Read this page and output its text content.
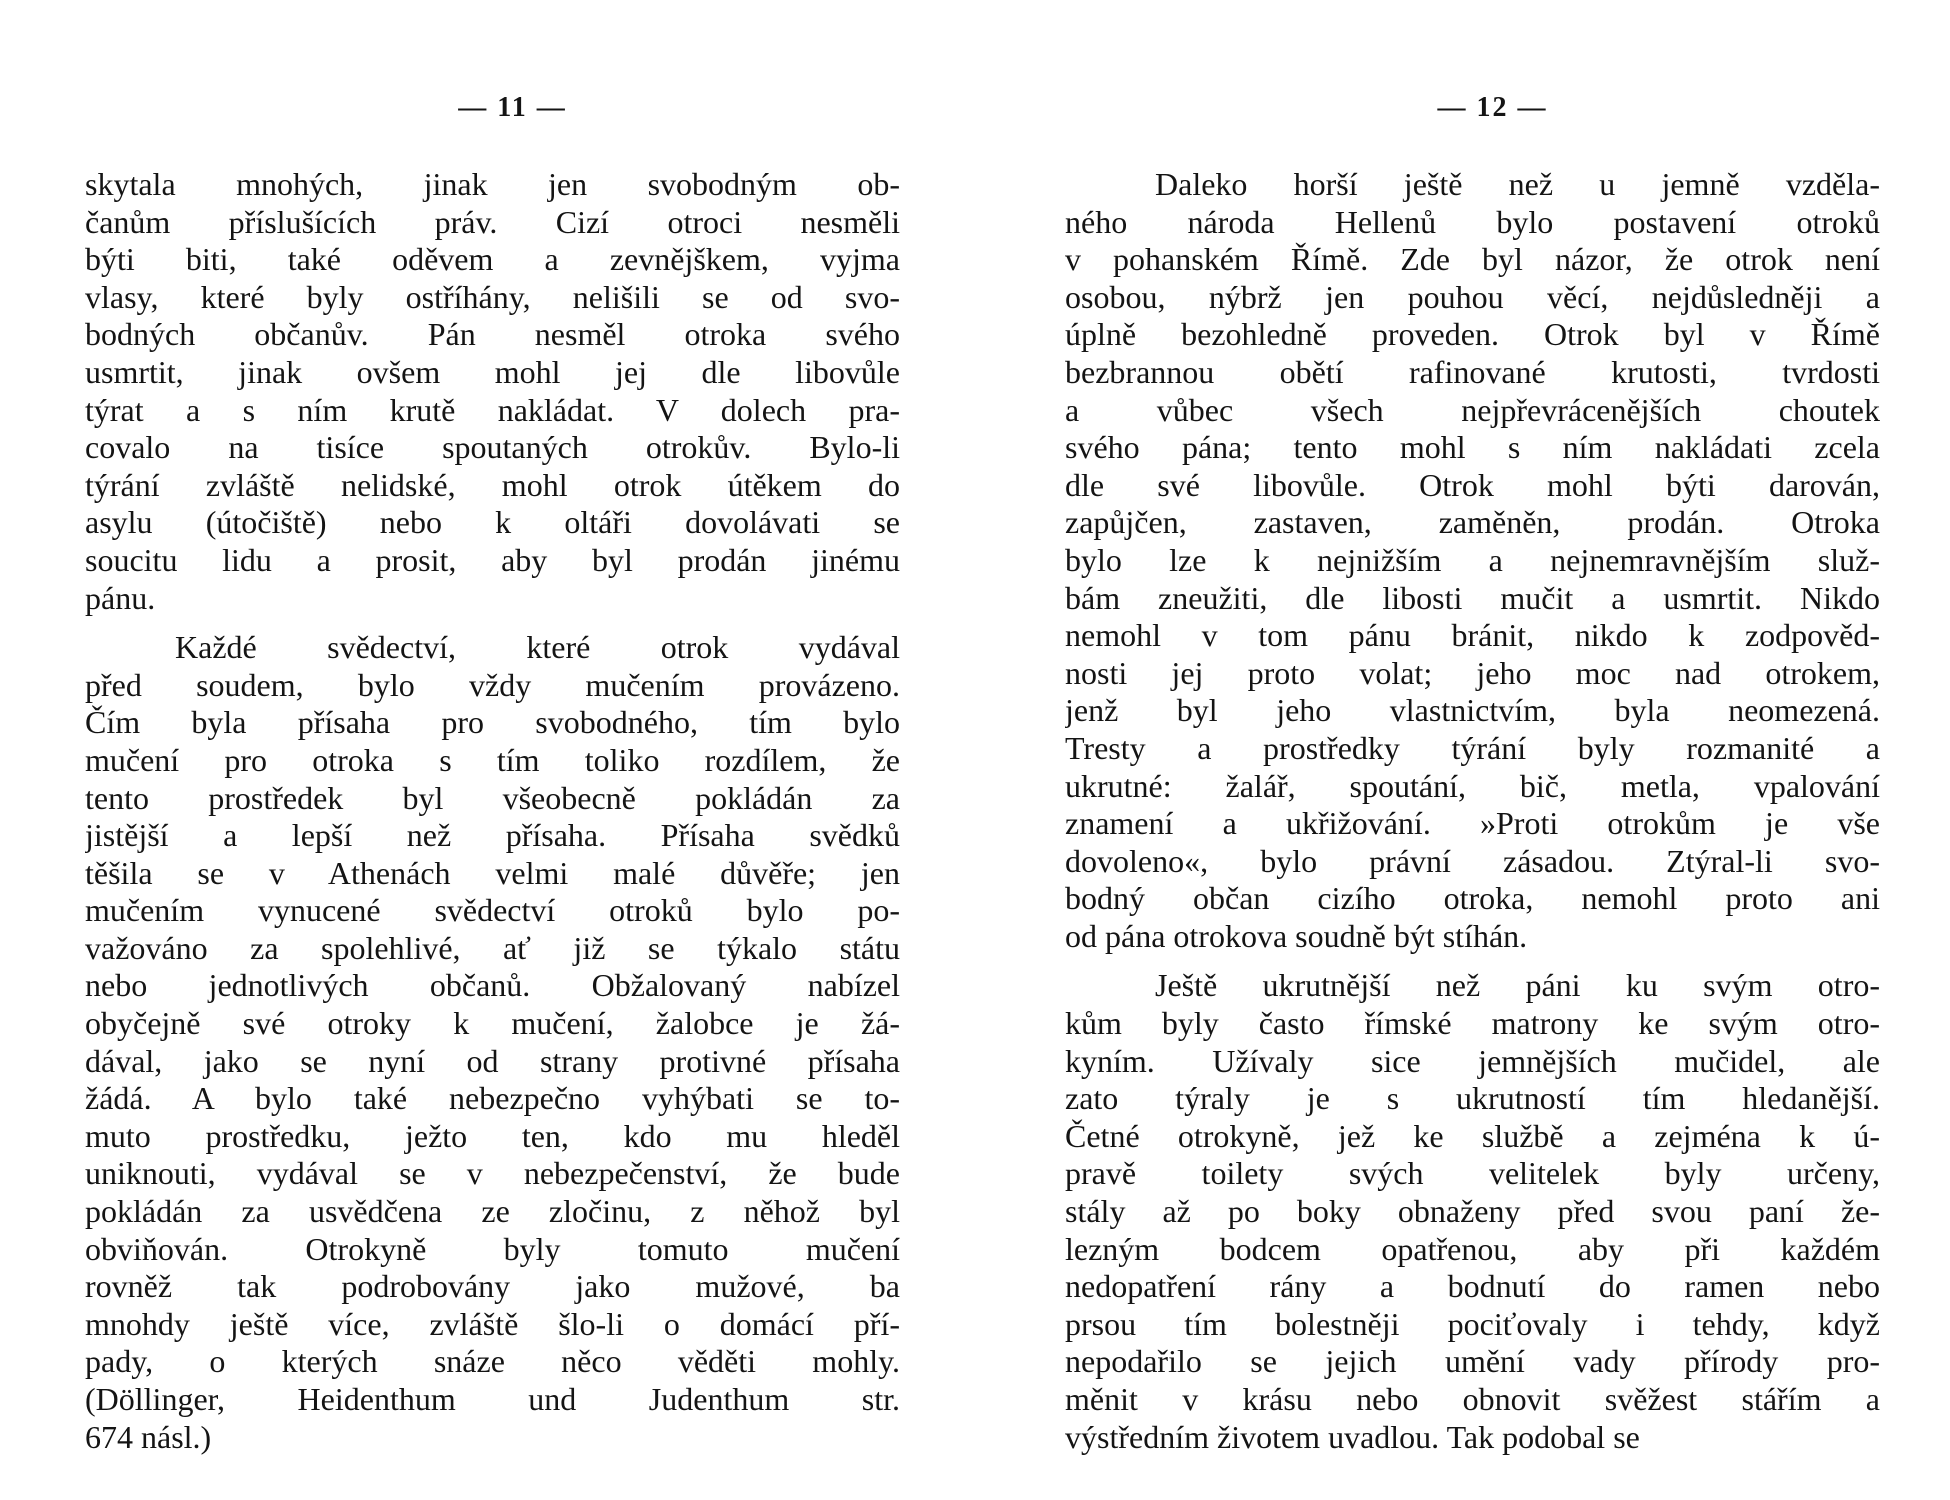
— 11 —
skytala mnohých, jinak jen svobodným ob-
čanům příslušících práv. Cizí otroci nesměli
býti biti, také oděvem a zevnějškem, vyjma
vlasy, které byly ostříhány, nelišili se od svo-
bodných občanův. Pán nesměl otroka svého
usmrtit, jinak ovšem mohl jej dle libovůle
týrat a s ním krutě nakládat. V dolech pra-
covalo na tisíce spoutaných otrokův. Bylo-li
týrání zvláště nelidské, mohl otrok útěkem do
asylu (útočiště) nebo k oltáři dovolávati se
soucitu lidu a prosit, aby byl prodán jinému
pánu.
Každé svědectví, které otrok vydával
před soudem, bylo vždy mučením provázeno.
Čím byla přísaha pro svobodného, tím bylo
mučení pro otroka s tím toliko rozdílem, že
tento prostředek byl všeobecně pokládán za
jistější a lepší než přísaha. Přísaha svědků
těšila se v Athenách velmi malé důvěře; jen
mučením vynucené svědectví otroků bylo po-
važováno za spolehlivé, ať již se týkalo státu
nebo jednotlivých občanů. Obžalovaný nabízel
obyčejně své otroky k mučení, žalobce je žá-
dával, jako se nyní od strany protivné přísaha
žádá. A bylo také nebezpečno vyhýbati se to-
muto prostředku, ježto ten, kdo mu hleděl
uniknouti, vydával se v nebezpečenství, že bude
pokládán za usvědčena ze zločinu, z něhož byl
obviňován. Otrokyně byly tomuto mučení
rovněž tak podrobovány jako mužové, ba
mnohdy ještě více, zvláště šlo-li o domácí pří-
pady, o kterých snáze něco věděti mohly.
(Döllinger, Heidenthum und Judenthum str.
674 násl.)
— 12 —
Daleko horší ještě než u jemně vzděla-
ného národa Hellenů bylo postavení otroků
v pohanském Římě. Zde byl názor, že otrok není
osobou, nýbrž jen pouhou věcí, nejdůsledněji a
úplně bezohledně proveden. Otrok byl v Římě
bezbrannou obětí rafinované krutosti, tvrdosti
a vůbec všech nejpřevrácenějších choutek
svého pána; tento mohl s ním nakládati zcela
dle své libovůle. Otrok mohl býti darován,
zapůjčen, zastaven, zaměněn, prodán. Otroka
bylo lze k nejnižším a nejnemravnějším služ-
bám zneužiti, dle libosti mučit a usmrtit. Nikdo
nemohl v tom pánu bránit, nikdo k zodpověd-
nosti jej proto volat; jeho moc nad otrokem,
jenž byl jeho vlastnictvím, byla neomezená.
Tresty a prostředky týrání byly rozmanité a
ukrutné: žalář, spoutání, bič, metla, vpalování
znamení a ukřižování. »Proti otrokům je vše
dovoleno«, bylo právní zásadou. Ztýral-li svo-
bodný občan cizího otroka, nemohl proto ani
od pána otrokova soudně být stíhán.
Ještě ukrutnější než páni ku svým otro-
kům byly často římské matrony ke svým otro-
kyním. Užívaly sice jemnějších mučidel, ale
zato týraly je s ukrutností tím hledanější.
Četné otrokyně, jež ke službě a zejména k ú-
pravě toilety svých velitelek byly určeny,
stály až po boky obnaženy před svou paní že-
lezným bodcem opatřenou, aby při každém
nedopatření rány a bodnutí do ramen nebo
prsou tím bolestněji pociťovaly i tehdy, když
nepodařilo se jejich umění vady přírody pro-
měnit v krásu nebo obnovit svěžest stářím a
výstředním životem uvadlou. Tak podobal se
